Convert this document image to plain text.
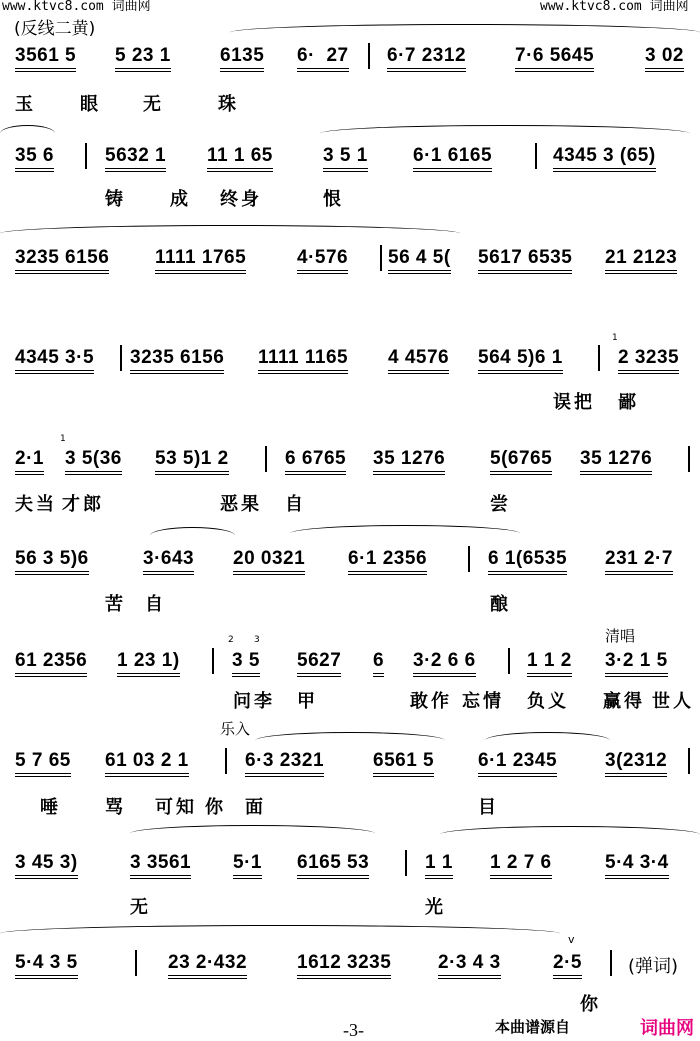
3561 5 5 23 1	6135 6·  27 6·7 2312	7·6 5645	3 02
玉 眼 无	珠
35 6	5632 1 11 1 65	3 5 1 6·1 6165	4345 3 (65)
铸 成 终身	恨
3235 6156 1111 1765	4·576 56 4 5( 5617 6535 21 2123
4345 3·5 3235 6156 1111 1165 4 4576 564 5)6 1	2 3235
误把 鄙
2·1 3 5(36 53 5)1 2	6 6765 35 1276 5(6765 35 1276
夫当 才郎	恶果 自	尝
56 3 5)6	3·643 20 0321 6·1 2356	6 1(6535 231 2·7
苦 自	酿
61 2356 1 23 1)	3 5 5627 6 3·2 6 6	1 1 2 3·2 1 5
问李 甲	敢作 忘情 负义 赢得 世人
5 7 65 61 03 2 1	6·3 2321	6561 5 6·1 2345	3(2312
唾 骂 可知 你 面	目
3 45 3)	3 3561 5·1 6165 53	1 1 1 2 7 6	5·4 3·4
无	光
5·4 3 5	23 2·432	1612 3235 2·3 4 3	2·5	(弹词)
你
清唱
乐入
1
1
2 3
v
(反线二黄)
www.ktvc8.com 词曲网	www.ktvc8.com 词曲网
-3-	本曲谱源自	词曲网
